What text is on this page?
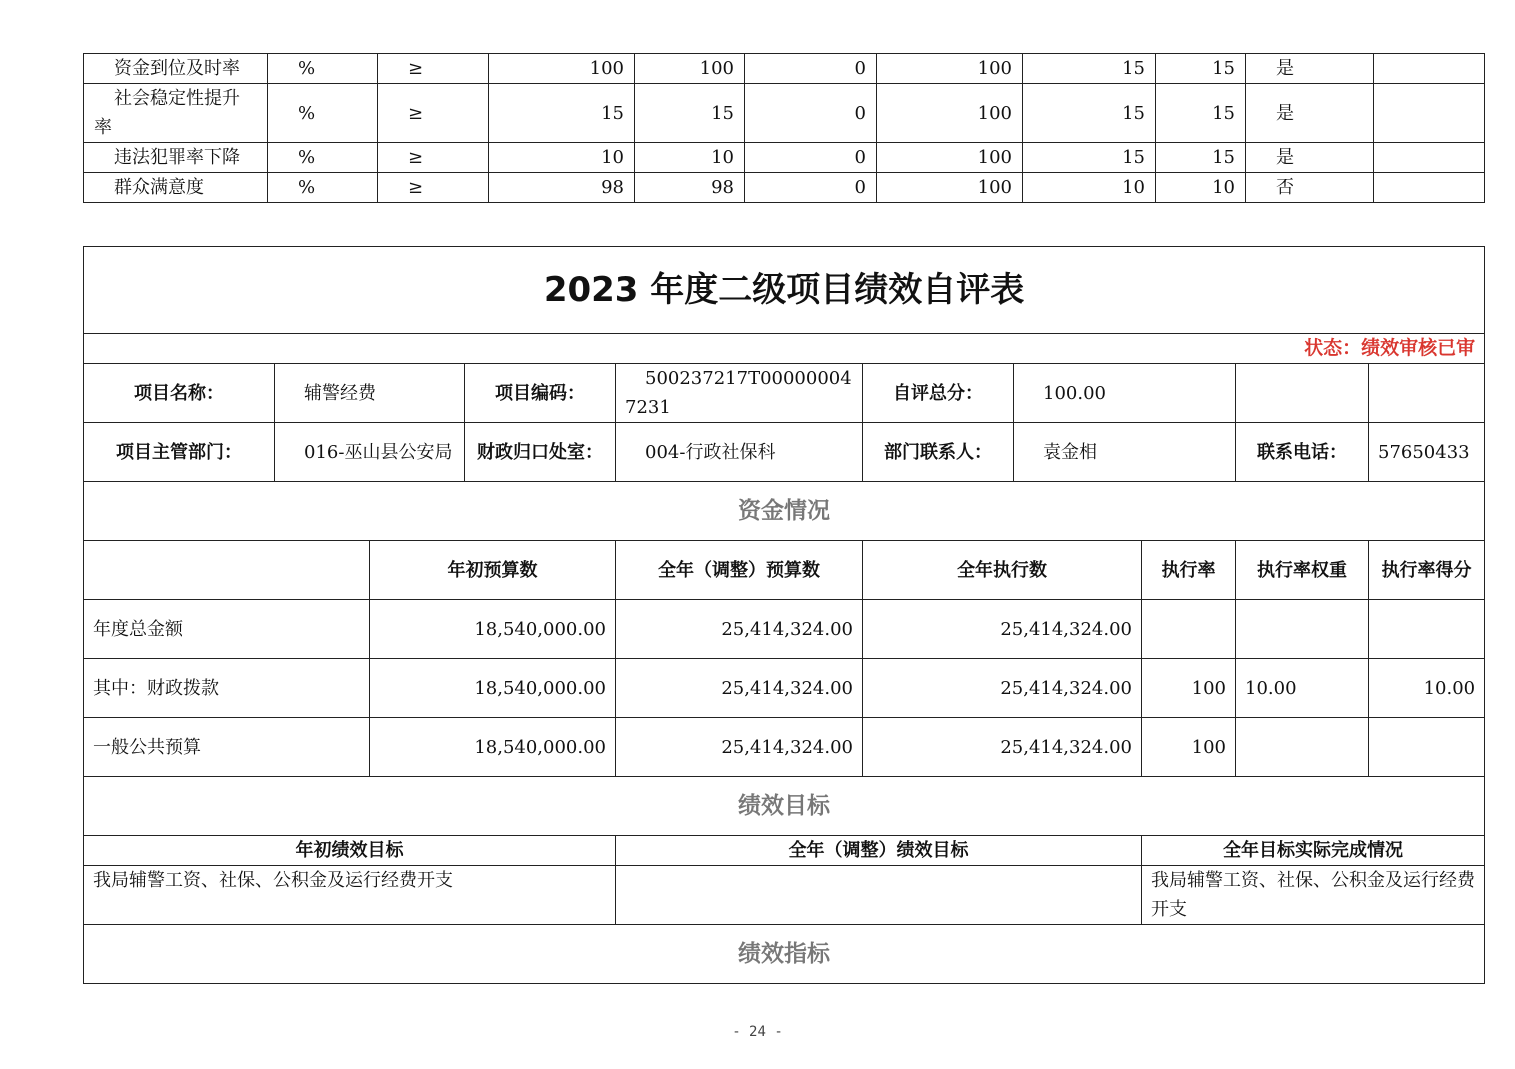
资金到位及时率	%	≥	100	100	0	100	15	15	是	
社会稳定性提升率	%	≥	15	15	0	100	15	15	是	
违法犯罪率下降	%	≥	10	10	0	100	15	15	是	
群众满意度	%	≥	98	98	0	100	10	10	否	
2023 年度二级项目绩效自评表									
状态：绩效审核已审									
项目名称：	辅警经费		项目编码：	500237217T000000047231	自评总分：	100.00			
项目主管部门：	016-巫山县公安局		财政归口处室：	004-行政社保科	部门联系人：	袁金相		联系电话：	57650433
资金情况									
		年初预算数		全年（调整）预算数	全年执行数		执行率	执行率权重	执行率得分
年度总金额		18,540,000.00		25,414,324.00	25,414,324.00				
其中：财政拨款		18,540,000.00		25,414,324.00	25,414,324.00		100	10.00	10.00
一般公共预算		18,540,000.00		25,414,324.00	25,414,324.00		100		
绩效目标									
年初绩效目标				全年（调整）绩效目标			全年目标实际完成情况		
我局辅警工资、社保、公积金及运行经费开支							我局辅警工资、社保、公积金及运行经费开支		
绩效指标									
- 24 -
